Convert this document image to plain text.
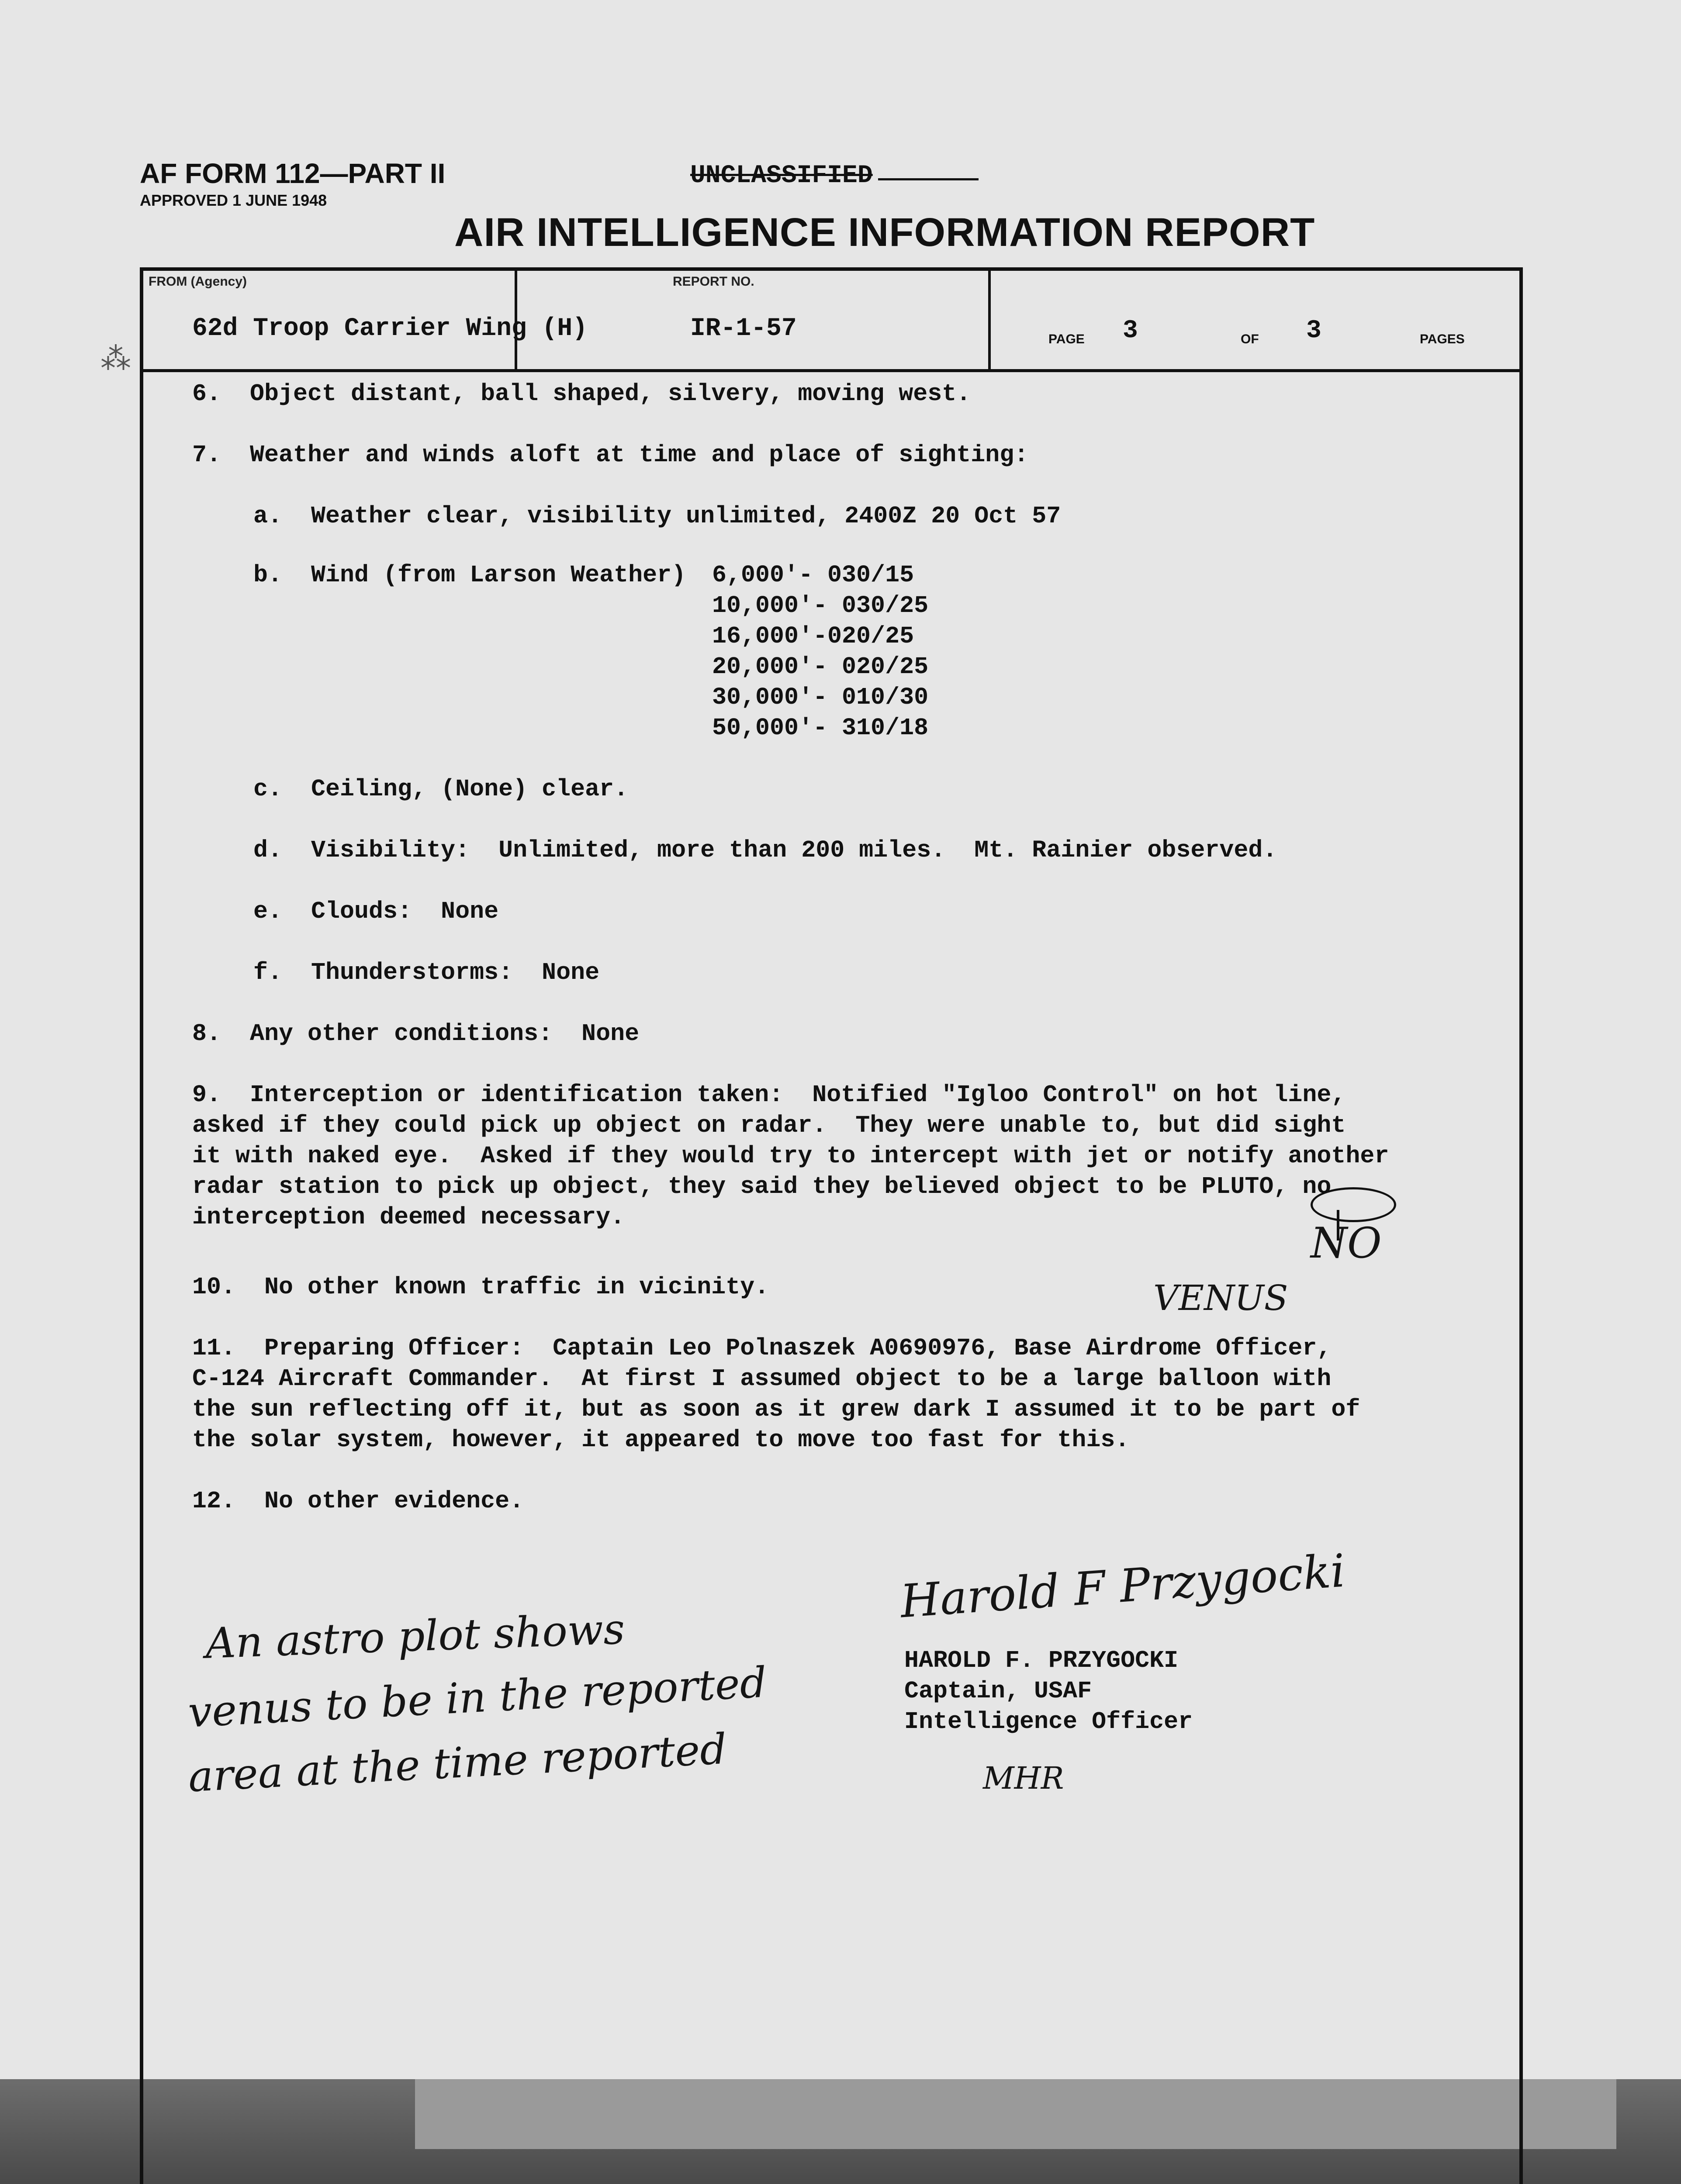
AF FORM 112—PART II
APPROVED 1 JUNE 1948
UNCLASSIFIED
AIR INTELLIGENCE INFORMATION REPORT
FROM (Agency)	REPORT NO.
62d Troop Carrier Wing (H)	IR-1-57	PAGE 3	OF 3	PAGES
⁂
6.  Object distant, ball shaped, silvery, moving west.
7.  Weather and winds aloft at time and place of sighting:
a.  Weather clear, visibility unlimited, 2400Z 20 Oct 57
b.  Wind (from Larson Weather) 6,000'- 030/15
10,000'- 030/25
16,000'-020/25
20,000'- 020/25
30,000'- 010/30
50,000'- 310/18
c.  Ceiling, (None) clear.
d.  Visibility:  Unlimited, more than 200 miles.  Mt. Rainier observed.
e.  Clouds:  None
f.  Thunderstorms:  None
8.  Any other conditions:  None
9.  Interception or identification taken:  Notified "Igloo Control" on hot line,
asked if they could pick up object on radar.  They were unable to, but did sight
it with naked eye.  Asked if they would try to intercept with jet or notify another
radar station to pick up object, they said they believed object to be PLUTO, no
interception deemed necessary.
NO
VENUS
10.  No other known traffic in vicinity.
11.  Preparing Officer:  Captain Leo Polnaszek A0690976, Base Airdrome Officer,
C-124 Aircraft Commander.  At first I assumed object to be a large balloon with
the sun reflecting off it, but as soon as it grew dark I assumed it to be part of
the solar system, however, it appeared to move too fast for this.
12.  No other evidence.
An astro plot shows
venus to be in the reported
area at the time reported
Harold F Przygocki
HAROLD F. PRZYGOCKI
Captain, USAF
Intelligence Officer
MHR
